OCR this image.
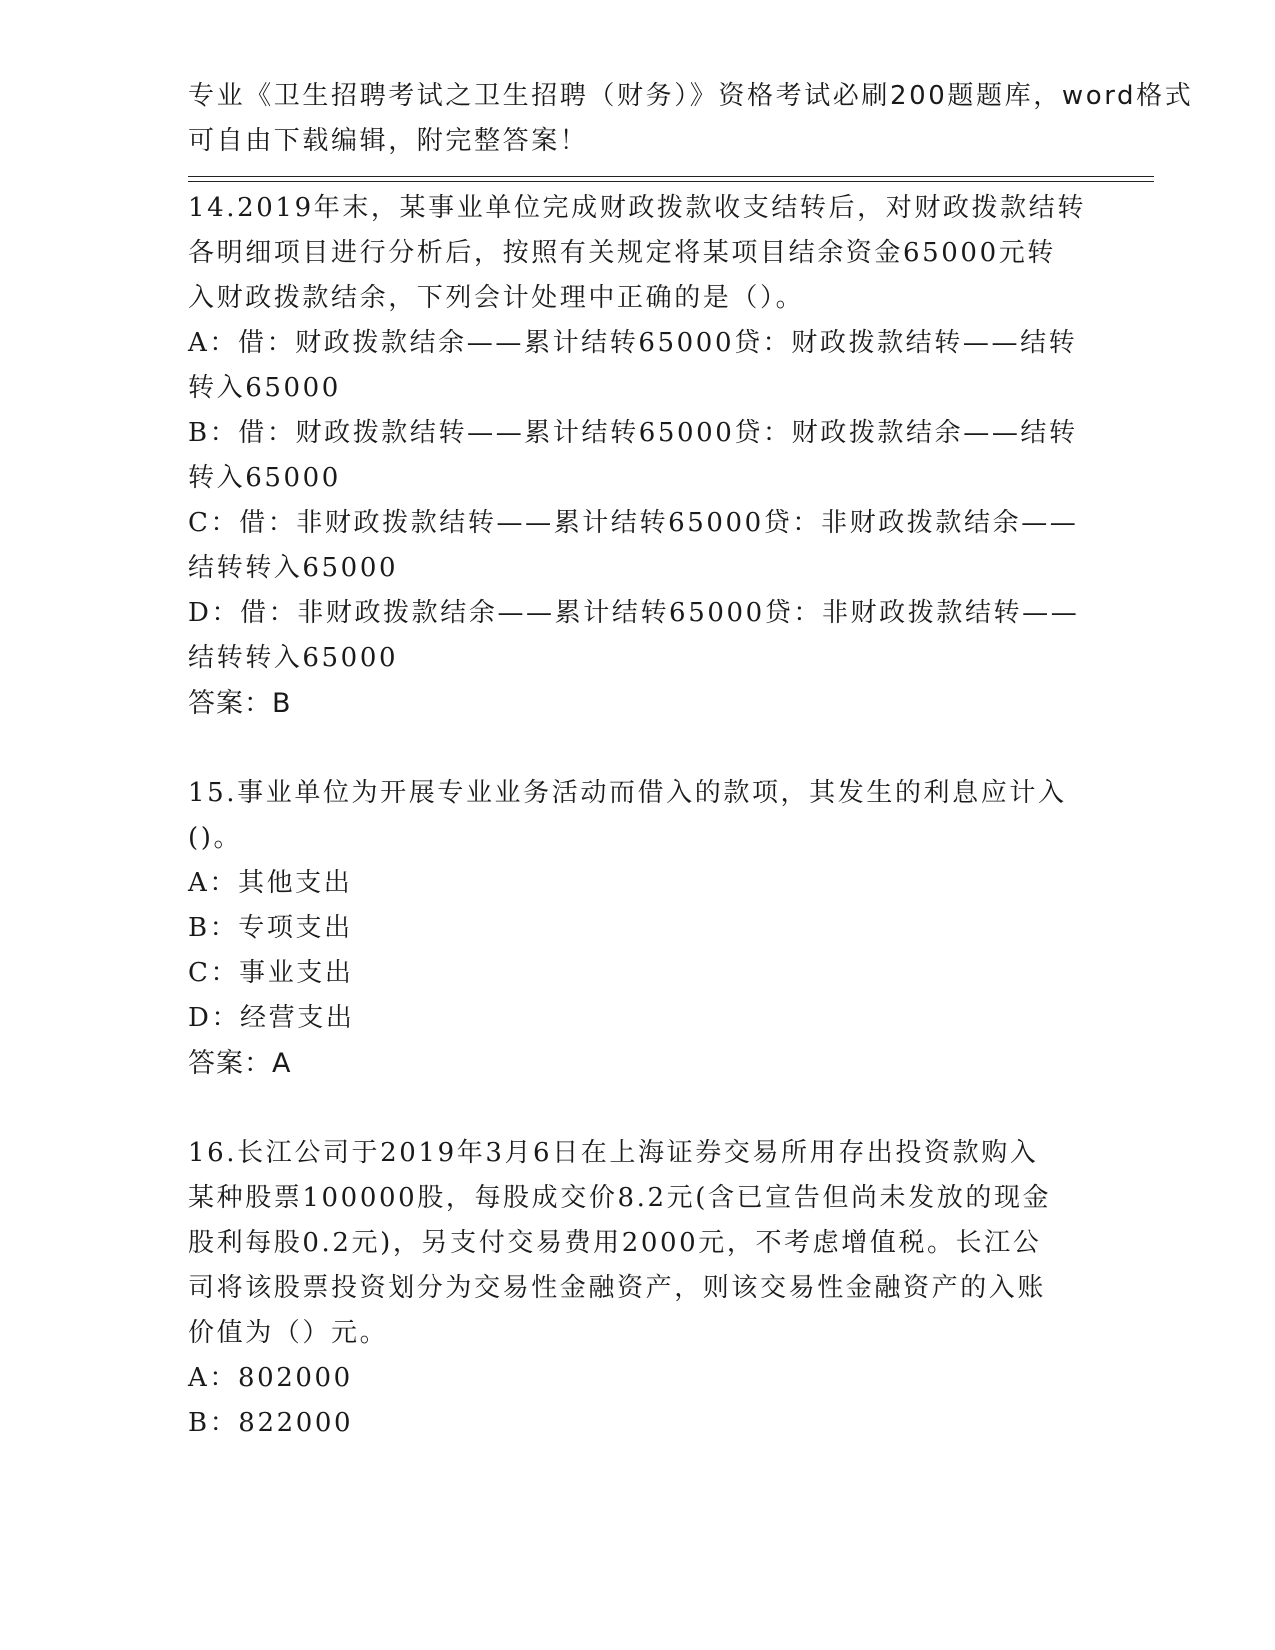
专业《卫生招聘考试之卫生招聘（财务）》资格考试必刷200题题库，word格式
可自由下载编辑，附完整答案！
14.2019年末，某事业单位完成财政拨款收支结转后，对财政拨款结转
各明细项目进行分析后，按照有关规定将某项目结余资金65000元转
入财政拨款结余，下列会计处理中正确的是（）。
A：借：财政拨款结余——累计结转65000贷：财政拨款结转——结转
转入65000
B：借：财政拨款结转——累计结转65000贷：财政拨款结余——结转
转入65000
C：借：非财政拨款结转——累计结转65000贷：非财政拨款结余——
结转转入65000
D：借：非财政拨款结余——累计结转65000贷：非财政拨款结转——
结转转入65000
答案：B
15.事业单位为开展专业业务活动而借入的款项，其发生的利息应计入
()。
A：其他支出
B：专项支出
C：事业支出
D：经营支出
答案：A
16.长江公司于2019年3月6日在上海证券交易所用存出投资款购入
某种股票100000股，每股成交价8.2元(含已宣告但尚未发放的现金
股利每股0.2元)，另支付交易费用2000元，不考虑增值税。长江公
司将该股票投资划分为交易性金融资产，则该交易性金融资产的入账
价值为（）元。
A：802000
B：822000
